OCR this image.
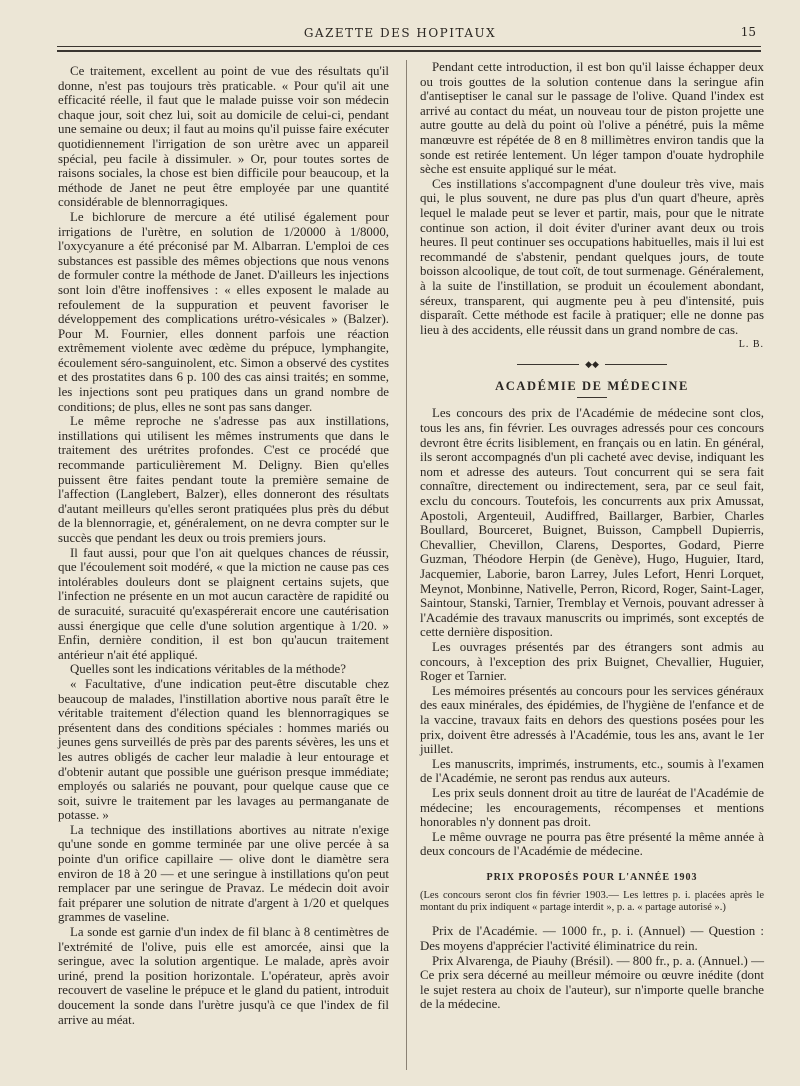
GAZETTE DES HOPITAUX	15

Ce traitement, excellent au point de vue des résultats qu'il donne, n'est pas toujours très praticable. « Pour qu'il ait une efficacité réelle, il faut que le malade puisse voir son médecin chaque jour, soit chez lui, soit au domicile de celui-ci, pendant une semaine ou deux; il faut au moins qu'il puisse faire exécuter quotidiennement l'irrigation de son urètre avec un appareil spécial, peu facile à dissimuler. » Or, pour toutes sortes de raisons sociales, la chose est bien difficile pour beaucoup, et la méthode de Janet ne peut être employée par une quantité considérable de blennorragiques.

Le bichlorure de mercure a été utilisé également pour irrigations de l'urètre, en solution de 1/20000 à 1/8000, l'oxycyanure a été préconisé par M. Albarran. L'emploi de ces substances est passible des mêmes objections que nous venons de formuler contre la méthode de Janet. D'ailleurs les injections sont loin d'être inoffensives : « elles exposent le malade au refoulement de la suppuration et peuvent favoriser le développement des complications urétro-vésicales » (Balzer). Pour M. Fournier, elles donnent parfois une réaction extrêmement violente avec œdème du prépuce, lymphangite, écoulement séro-sanguinolent, etc. Simon a observé des cystites et des prostatites dans 6 p. 100 des cas ainsi traités; en somme, les injections sont peu pratiques dans un grand nombre de conditions; de plus, elles ne sont pas sans danger.

Le même reproche ne s'adresse pas aux instillations, instillations qui utilisent les mêmes instruments que dans le traitement des urétrites profondes. C'est ce procédé que recommande particulièrement M. Deligny. Bien qu'elles puissent être faites pendant toute la première semaine de l'affection (Langlebert, Balzer), elles donneront des résultats d'autant meilleurs qu'elles seront pratiquées plus près du début de la blennorragie, et, généralement, on ne devra compter sur le succès que pendant les deux ou trois premiers jours.

Il faut aussi, pour que l'on ait quelques chances de réussir, que l'écoulement soit modéré, « que la miction ne cause pas ces intolérables douleurs dont se plaignent certains sujets, que l'infection ne présente en un mot aucun caractère de rapidité ou de suracuité, suracuité qu'exaspérerait encore une cautérisation aussi énergique que celle d'une solution argentique à 1/20. » Enfin, dernière condition, il est bon qu'aucun traitement antérieur n'ait été appliqué.

Quelles sont les indications véritables de la méthode?

« Facultative, d'une indication peut-être discutable chez beaucoup de malades, l'instillation abortive nous paraît être le véritable traitement d'élection quand les blennorragiques se présentent dans des conditions spéciales : hommes mariés ou jeunes gens surveillés de près par des parents sévères, les uns et les autres obligés de cacher leur maladie à leur entourage et d'obtenir autant que possible une guérison presque immédiate; employés ou salariés ne pouvant, pour quelque cause que ce soit, suivre le traitement par les lavages au permanganate de potasse. »

La technique des instillations abortives au nitrate n'exige qu'une sonde en gomme terminée par une olive percée à sa pointe d'un orifice capillaire — olive dont le diamètre sera environ de 18 à 20 — et une seringue à instillations qu'on peut remplacer par une seringue de Pravaz. Le médecin doit avoir fait préparer une solution de nitrate d'argent à 1/20 et quelques grammes de vaseline.

La sonde est garnie d'un index de fil blanc à 8 centimètres de l'extrémité de l'olive, puis elle est amorcée, ainsi que la seringue, avec la solution argentique. Le malade, après avoir uriné, prend la position horizontale. L'opérateur, après avoir recouvert de vaseline le prépuce et le gland du patient, introduit doucement la sonde dans l'urètre jusqu'à ce que l'index de fil arrive au méat.

Pendant cette introduction, il est bon qu'il laisse échapper deux ou trois gouttes de la solution contenue dans la seringue afin d'antiseptiser le canal sur le passage de l'olive. Quand l'index est arrivé au contact du méat, un nouveau tour de piston projette une autre goutte au delà du point où l'olive a pénétré, puis la même manœuvre est répétée de 8 en 8 millimètres environ tandis que la sonde est retirée lentement. Un léger tampon d'ouate hydrophile sèche est ensuite appliqué sur le méat.

Ces instillations s'accompagnent d'une douleur très vive, mais qui, le plus souvent, ne dure pas plus d'un quart d'heure, après lequel le malade peut se lever et partir, mais, pour que le nitrate continue son action, il doit éviter d'uriner avant deux ou trois heures. Il peut continuer ses occupations habituelles, mais il lui est recommandé de s'abstenir, pendant quelques jours, de toute boisson alcoolique, de tout coït, de tout surmenage. Généralement, à la suite de l'instillation, se produit un écoulement abondant, séreux, transparent, qui augmente peu à peu d'intensité, puis disparaît. Cette méthode est facile à pratiquer; elle ne donne pas lieu à des accidents, elle réussit dans un grand nombre de cas.

L. B.
◆◆
ACADÉMIE DE MÉDECINE

Les concours des prix de l'Académie de médecine sont clos, tous les ans, fin février. Les ouvrages adressés pour ces concours devront être écrits lisiblement, en français ou en latin. En général, ils seront accompagnés d'un pli cacheté avec devise, indiquant les nom et adresse des auteurs. Tout concurrent qui se sera fait connaître, directement ou indirectement, sera, par ce seul fait, exclu du concours. Toutefois, les concurrents aux prix Amussat, Apostoli, Argenteuil, Audiffred, Baillarger, Barbier, Charles Boullard, Bourceret, Buignet, Buisson, Campbell Dupierris, Chevallier, Chevillon, Clarens, Desportes, Godard, Pierre Guzman, Théodore Herpin (de Genève), Hugo, Huguier, Itard, Jacquemier, Laborie, baron Larrey, Jules Lefort, Henri Lorquet, Meynot, Monbinne, Nativelle, Perron, Ricord, Roger, Saint-Lager, Saintour, Stanski, Tarnier, Tremblay et Vernois, pouvant adresser à l'Académie des travaux manuscrits ou imprimés, sont exceptés de cette dernière disposition.

Les ouvrages présentés par des étrangers sont admis au concours, à l'exception des prix Buignet, Chevallier, Huguier, Roger et Tarnier.

Les mémoires présentés au concours pour les services généraux des eaux minérales, des épidémies, de l'hygiène de l'enfance et de la vaccine, travaux faits en dehors des questions posées pour les prix, doivent être adressés à l'Académie, tous les ans, avant le 1er juillet.

Les manuscrits, imprimés, instruments, etc., soumis à l'examen de l'Académie, ne seront pas rendus aux auteurs.

Les prix seuls donnent droit au titre de lauréat de l'Académie de médecine; les encouragements, récompenses et mentions honorables n'y donnent pas droit.

Le même ouvrage ne pourra pas être présenté la même année à deux concours de l'Académie de médecine.

PRIX PROPOSÉS POUR L'ANNÉE 1903

(Les concours seront clos fin février 1903.— Les lettres p. i. placées après le montant du prix indiquent « partage interdit », p. a. « partage autorisé ».)

Prix de l'Académie. — 1000 fr., p. i. (Annuel) — Question : Des moyens d'apprécier l'activité éliminatrice du rein.

Prix Alvarenga, de Piauhy (Brésil). — 800 fr., p. a. (Annuel.) — Ce prix sera décerné au meilleur mémoire ou œuvre inédite (dont le sujet restera au choix de l'auteur), sur n'importe quelle branche de la médecine.
